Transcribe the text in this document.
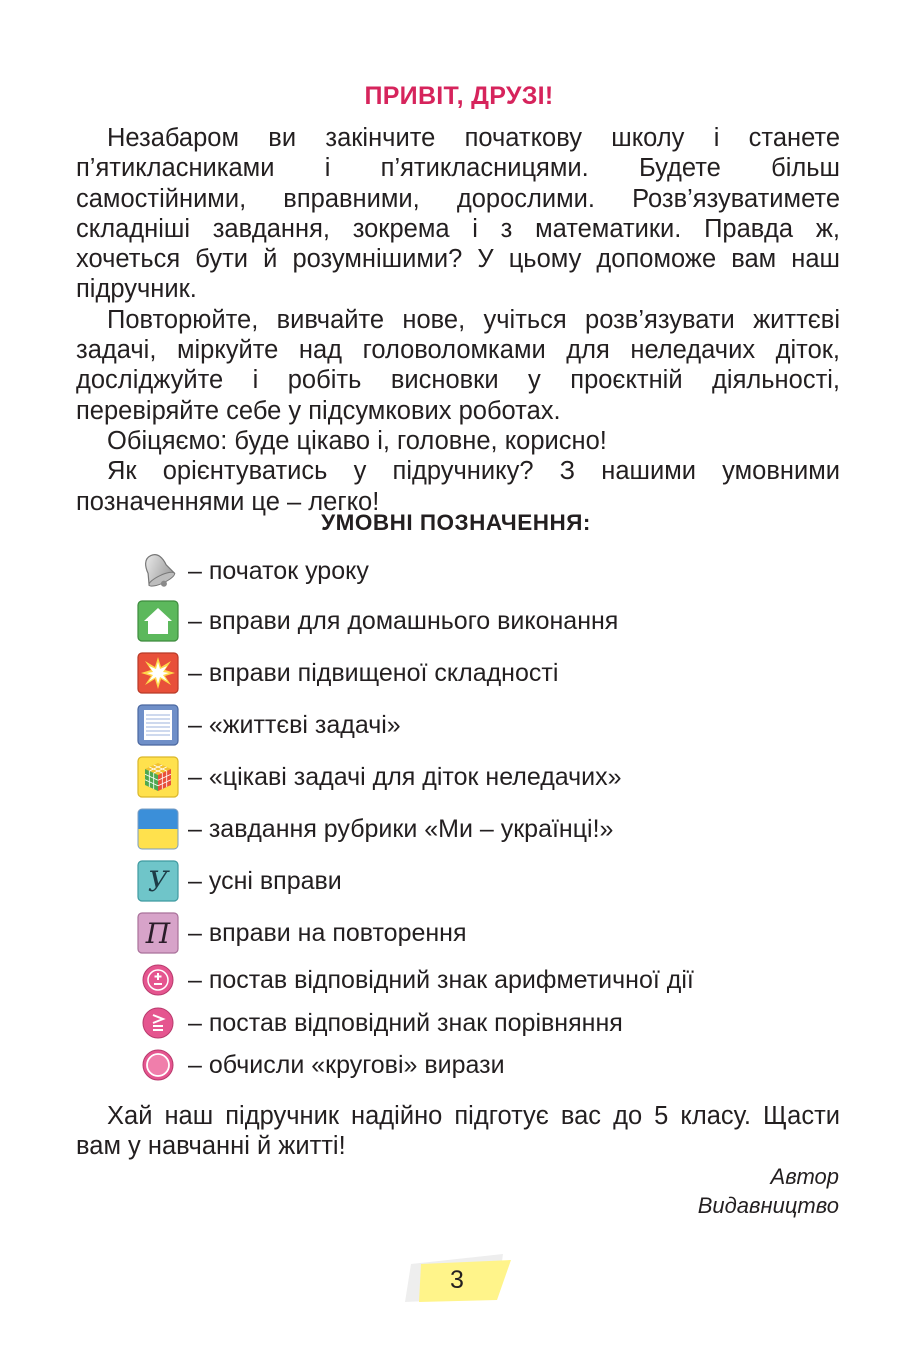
ПРИВІТ, ДРУЗІ!

Незабаром ви закінчите початкову школу і станете п’ятикласниками і п’ятикласницями. Будете більш самостійними, вправними, дорослими. Розв’язуватимете складніші завдання, зокрема і з математики. Правда ж, хочеться бути й розумнішими? У цьому допоможе вам наш підручник.

Повторюйте, вивчайте нове, учіться розв’язувати життєві задачі, міркуйте над головоломками для неледачих діток, досліджуйте і робіть висновки у проєктній діяльності, перевіряйте себе у підсумкових роботах.

Обіцяємо: буде цікаво і, головне, корисно!

Як орієнтуватись у підручнику? З нашими умовними позначеннями це – легко!

УМОВНІ ПОЗНАЧЕННЯ:
– початок уроку
– вправи для домашнього виконання
– вправи підвищеної складності
– «життєві задачі»
– «цікаві задачі для діток неледачих»
– завдання рубрики «Ми – українці!»
У – усні вправи
П – вправи на повторення
– постав відповідний знак арифметичної дії
– постав відповідний знак порівняння
– обчисли «кругові» вирази

Хай наш підручник надійно підготує вас до 5 класу. Щасти вам у навчанні й житті!

Автор
Видавництво
3
